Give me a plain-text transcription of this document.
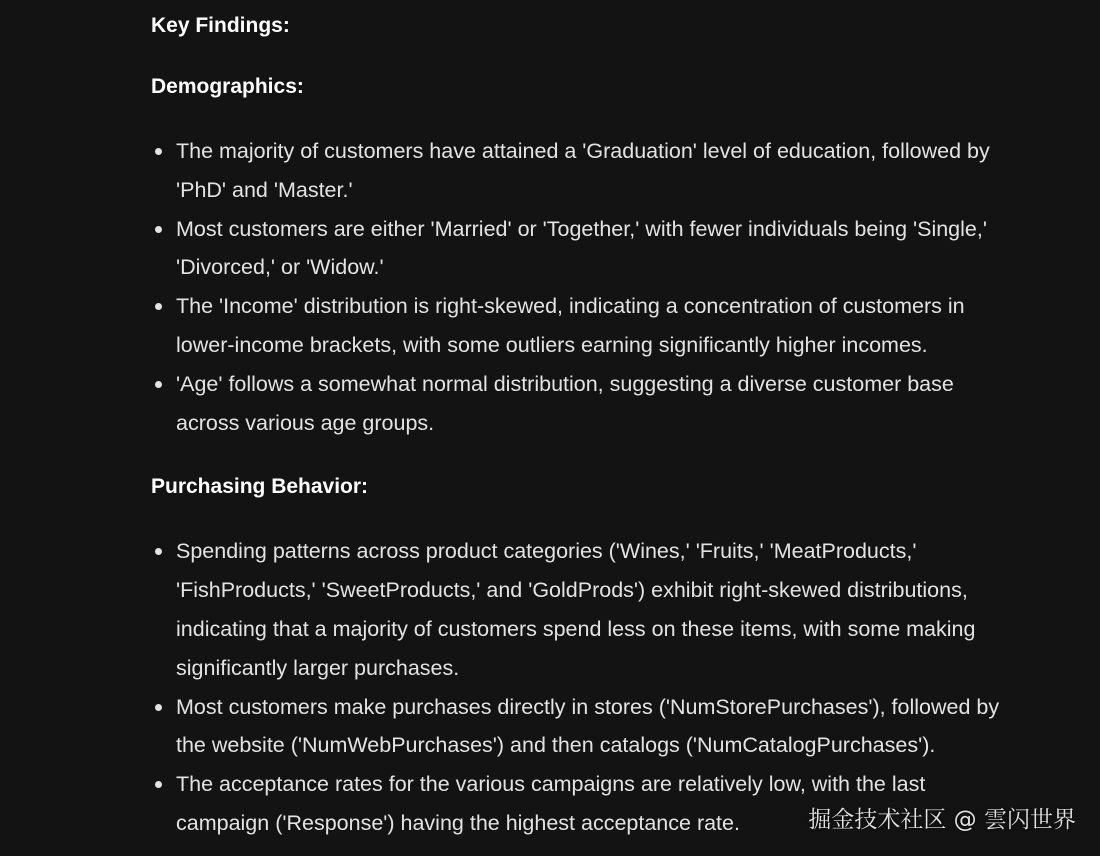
Key Findings:

Demographics:

The majority of customers have attained a 'Graduation' level of education, followed by 'PhD' and 'Master.'
Most customers are either 'Married' or 'Together,' with fewer individuals being 'Single,' 'Divorced,' or 'Widow.'
The 'Income' distribution is right-skewed, indicating a concentration of customers in lower-income brackets, with some outliers earning significantly higher incomes.
'Age' follows a somewhat normal distribution, suggesting a diverse customer base across various age groups.

Purchasing Behavior:

Spending patterns across product categories ('Wines,' 'Fruits,' 'MeatProducts,' 'FishProducts,' 'SweetProducts,' and 'GoldProds') exhibit right-skewed distributions, indicating that a majority of customers spend less on these items, with some making significantly larger purchases.
Most customers make purchases directly in stores ('NumStorePurchases'), followed by the website ('NumWebPurchases') and then catalogs ('NumCatalogPurchases').
The acceptance rates for the various campaigns are relatively low, with the last campaign ('Response') having the highest acceptance rate.	掘金技术社区 @ 雲闪世界
